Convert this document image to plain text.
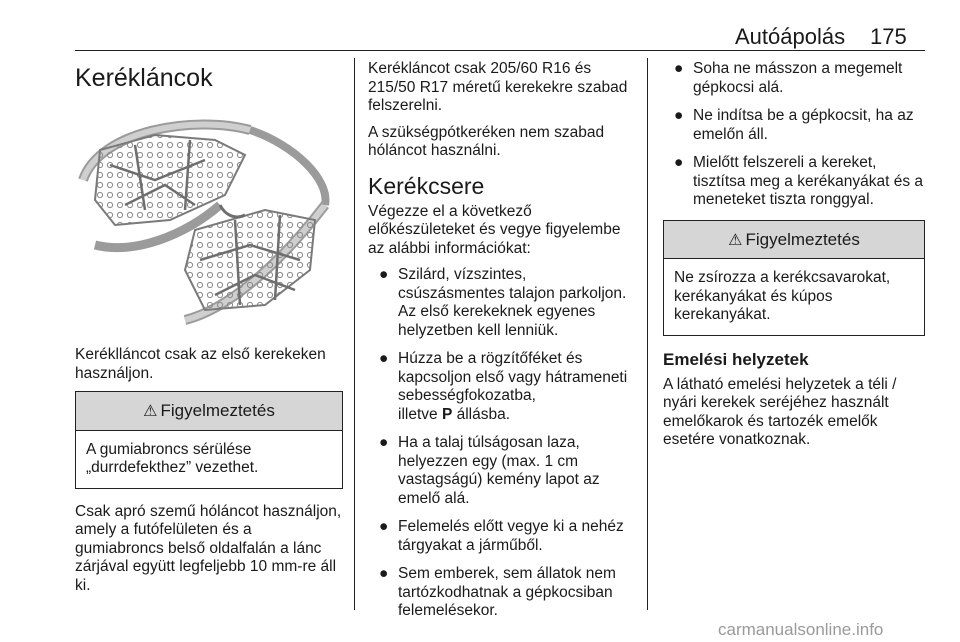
Autóápolás 175
Kerékláncok

Keréklláncot csak az első kerekeken használjon.

⚠ Figyelmeztetés
A gumiabroncs sérülése „durrdefekthez” vezethet.

Csak apró szemű hóláncot használjon, amely a futófelületen és a gumiabroncs belső oldalfalán a lánc zárjával együtt legfeljebb 10 mm-re áll ki.

Kerékláncot csak 205/60 R16 és 215/50 R17 méretű kerekekre szabad felszerelni.

A szükségpótkeréken nem szabad hóláncot használni.

Kerékcsere

Végezze el a következő előkészületeket és vegye figyelembe az alábbi információkat:

● Szilárd, vízszintes, csúszásmentes talajon parkoljon. Az első kerekeknek egyenes helyzetben kell lenniük.
● Húzza be a rögzítőféket és kapcsoljon első vagy hátrameneti sebességfokozatba,
illetve P állásba.
● Ha a talaj túlságosan laza, helyezzen egy (max. 1 cm vastagságú) kemény lapot az emelő alá.
● Felemelés előtt vegye ki a nehéz tárgyakat a járműből.
● Sem emberek, sem állatok nem tartózkodhatnak a gépkocsiban felemelésekor.
● Soha ne másszon a megemelt gépkocsi alá.
● Ne indítsa be a gépkocsit, ha az emelőn áll.
● Mielőtt felszereli a kereket, tisztítsa meg a kerékanyákat és a meneteket tiszta ronggyal.
⚠ Figyelmeztetés
Ne zsírozza a kerékcsavarokat, kerékanyákat és kúpos kerekanyákat.
Emelési helyzetek

A látható emelési helyzetek a téli / nyári kerekek seréjéhez használt emelőkarok és tartozék emelők esetére vonatkoznak.

carmanualsonline.info
